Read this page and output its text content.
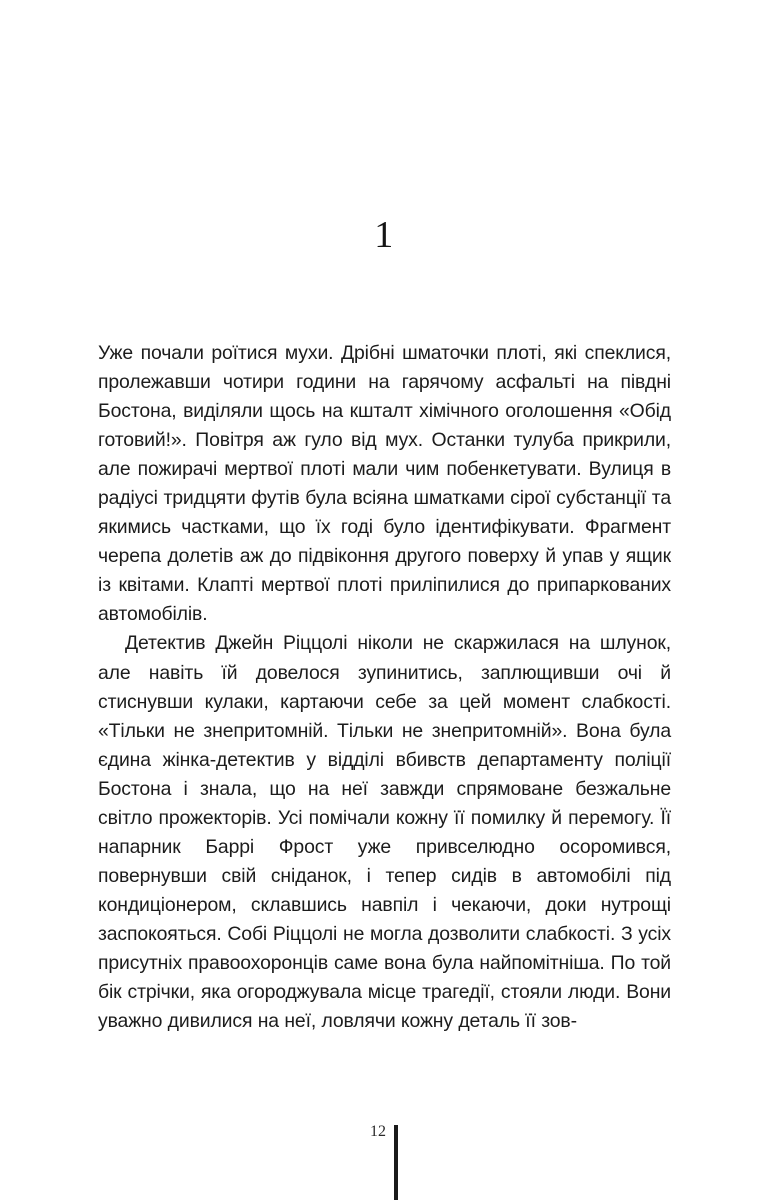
1

Уже почали роїтися мухи. Дрібні шматочки плоті, які спеклися, пролежавши чотири години на гарячому асфальті на півдні Бостона, виділяли щось на кшталт хімічного оголошення «Обід готовий!». Повітря аж гуло від мух. Останки тулуба прикрили, але пожирачі мертвої плоті мали чим побенкетувати. Вулиця в радіусі тридцяти футів була всіяна шматками сірої субстанції та якимись частками, що їх годі було ідентифікувати. Фрагмент черепа долетів аж до підвіконня другого поверху й упав у ящик із квітами. Клапті мертвої плоті приліпилися до припаркованих автомобілів.

Детектив Джейн Ріццолі ніколи не скаржилася на шлунок, але навіть їй довелося зупинитись, заплющивши очі й стиснувши кулаки, картаючи себе за цей момент слабкості. «Тільки не знепритомній. Тільки не знепритомній». Вона була єдина жінка-детектив у відділі вбивств департаменту поліції Бостона і знала, що на неї завжди спрямоване безжальне світло прожекторів. Усі помічали кожну її помилку й перемогу. Її напарник Баррі Фрост уже привселюдно осоромився, повернувши свій сніданок, і тепер сидів в автомобілі під кондиціонером, склавшись навпіл і чекаючи, доки нутрощі заспокояться. Собі Ріццолі не могла дозволити слабкості. З усіх присутніх правоохоронців саме вона була найпомітніша. По той бік стрічки, яка огороджувала місце трагедії, стояли люди. Вони уважно дивилися на неї, ловлячи кожну деталь її зов-

12
